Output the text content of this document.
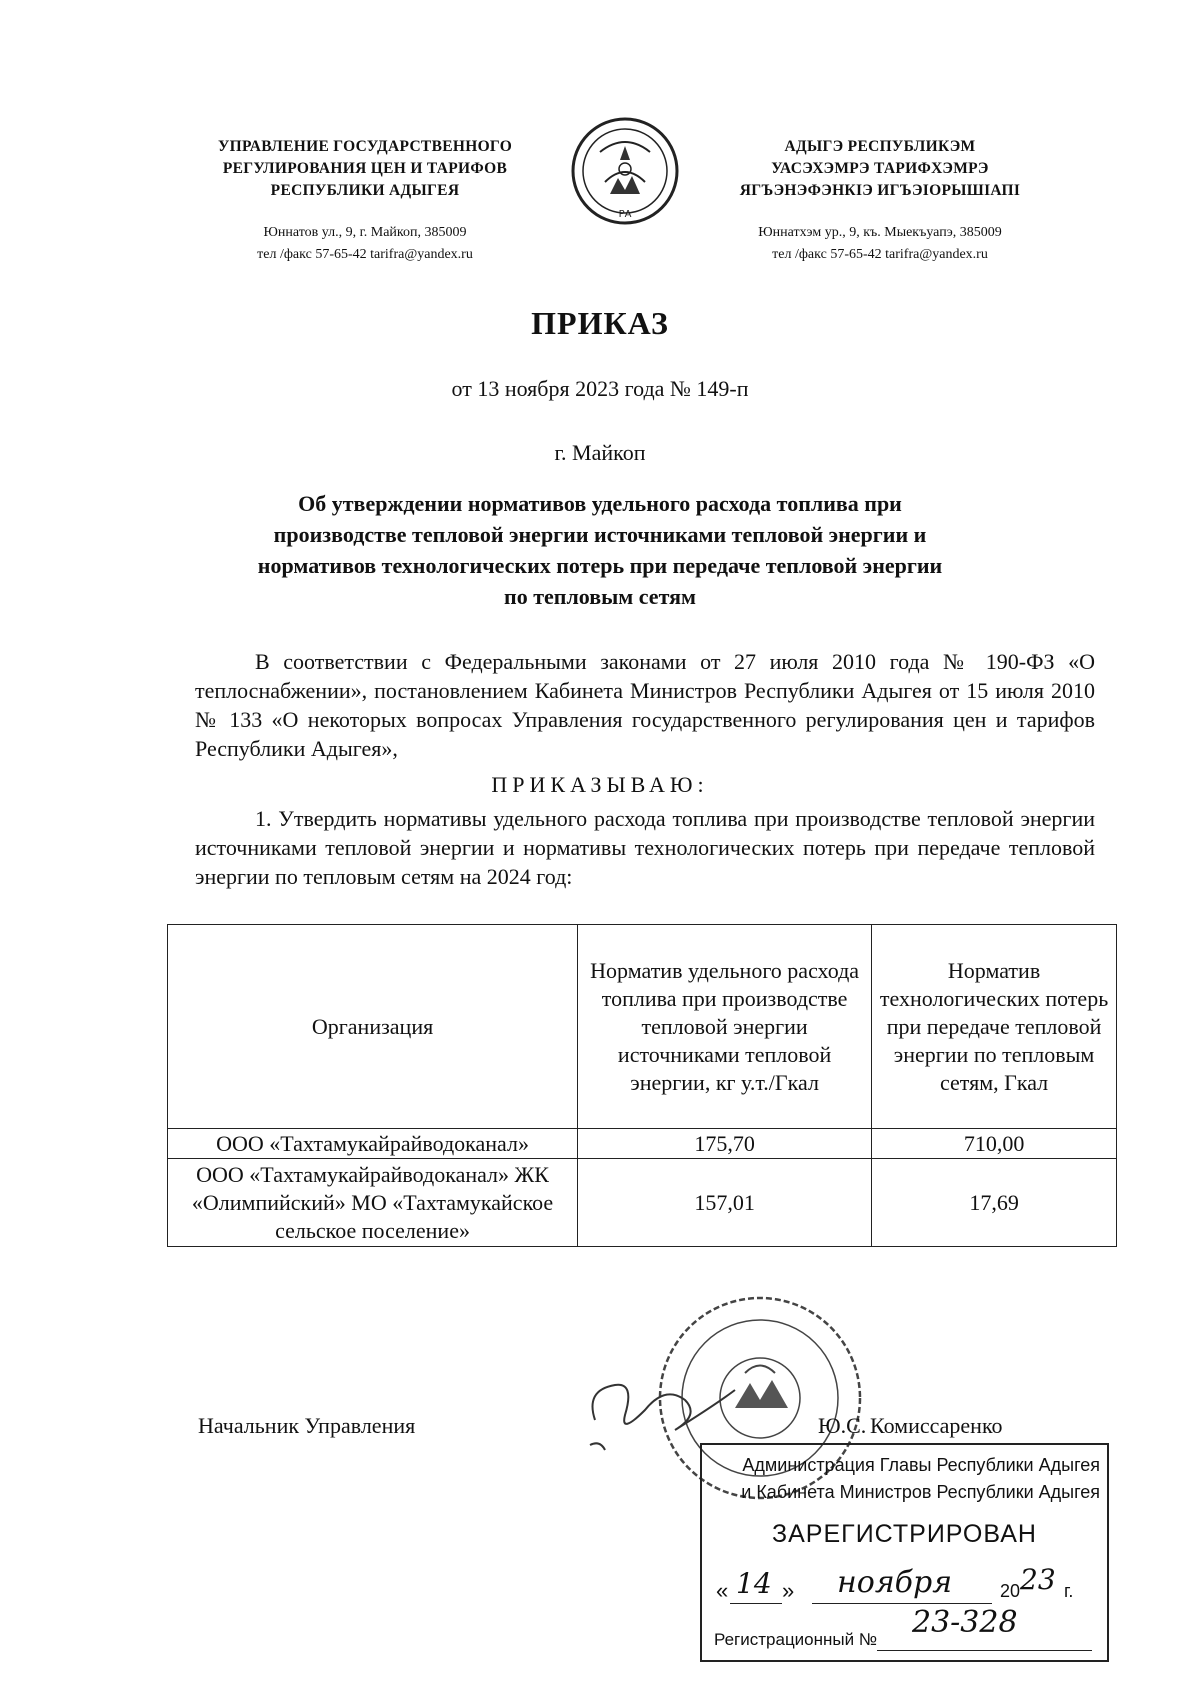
УПРАВЛЕНИЕ ГОСУДАРСТВЕННОГО
РЕГУЛИРОВАНИЯ ЦЕН И ТАРИФОВ
РЕСПУБЛИКИ АДЫГЕЯ
Юннатов ул., 9, г. Майкоп, 385009
тел /факс 57-65-42 tarifra@yandex.ru
РА
АДЫГЭ РЕСПУБЛИКЭМ
УАСЭХЭМРЭ ТАРИФХЭМРЭ
ЯГЪЭНЭФЭНКIЭ ИГЪЭIОРЫШIАПI
Юннатхэм ур., 9, къ. Мыекъуапэ, 385009
тел /факс 57-65-42 tarifra@yandex.ru
ПРИКАЗ
от 13 ноября 2023 года № 149-п
г. Майкоп
Об утверждении нормативов удельного расхода топлива при
производстве тепловой энергии источниками тепловой энергии и
нормативов технологических потерь при передаче тепловой энергии
по тепловым сетям
В соответствии с Федеральными законами от 27 июля 2010 года № 190-ФЗ «О теплоснабжении», постановлением Кабинета Министров Республики Адыгея от 15 июля 2010 № 133 «О некоторых вопросах Управления государственного регулирования цен и тарифов Республики Адыгея»,
ПРИКАЗЫВАЮ:
1. Утвердить нормативы удельного расхода топлива при производстве тепловой энергии источниками тепловой энергии и нормативы технологических потерь при передаче тепловой энергии по тепловым сетям на 2024 год:
Организация	Норматив удельного расхода топлива при производстве тепловой энергии источниками тепловой энергии, кг у.т./Гкал	Норматив технологических потерь при передаче тепловой энергии по тепловым сетям, Гкал
ООО «Тахтамукайрайводоканал»	175,70	710,00
ООО «Тахтамукайрайводоканал» ЖК «Олимпийский» МО «Тахтамукайское сельское поселение»	157,01	17,69
Начальник Управления	Ю.С. Комиссаренко
Администрация Главы Республики Адыгея
и Кабинета Министров Республики Адыгея
ЗАРЕГИСТРИРОВАН
« 14 » ноября	20 23 г.
Регистрационный № 23-328
